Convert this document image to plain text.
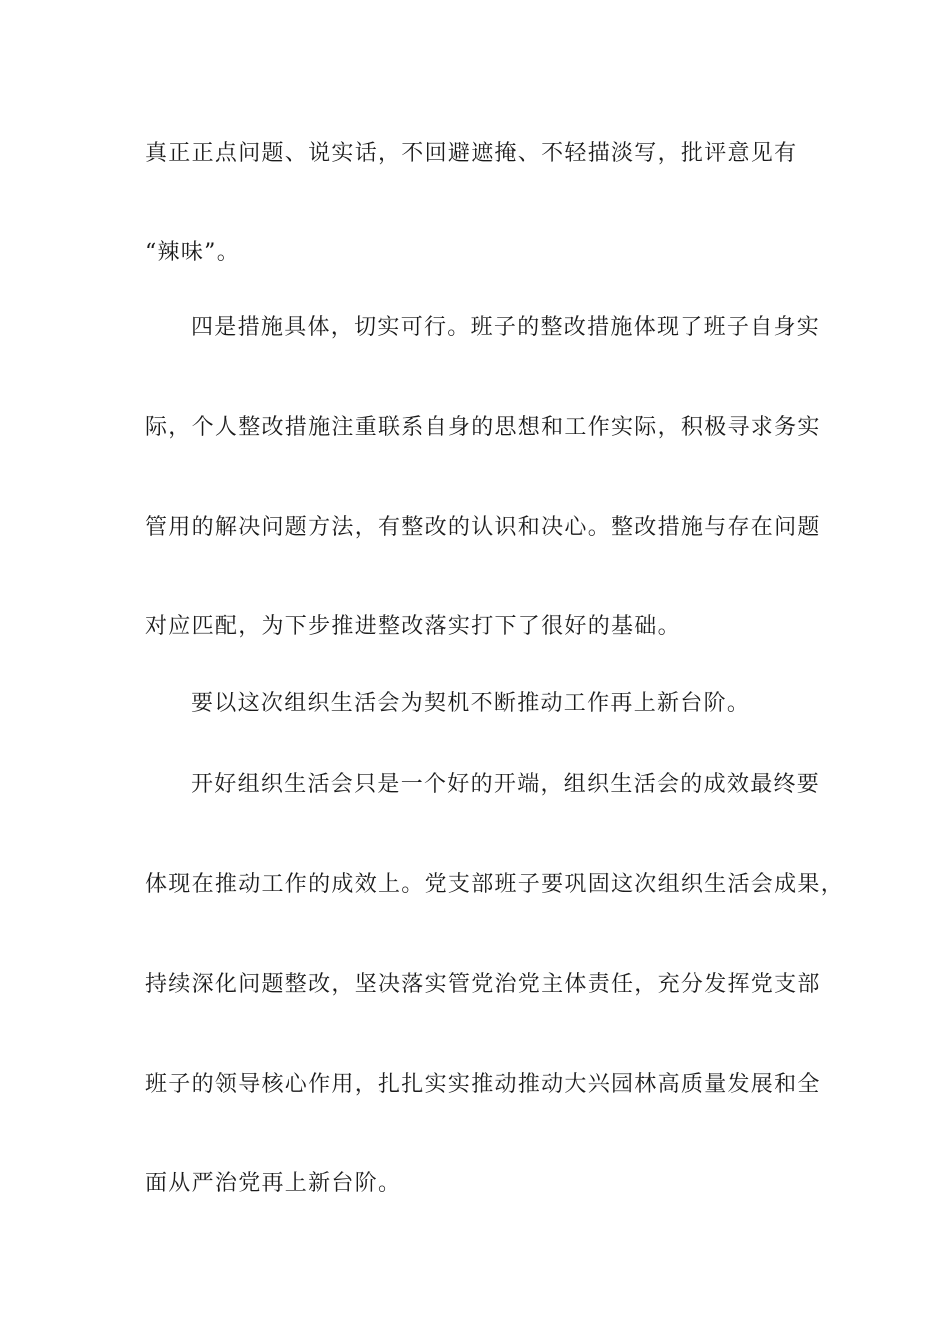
真正正点问题、说实话，不回避遮掩、不轻描淡写，批评意见有
“辣味”。
四是措施具体，切实可行。班子的整改措施体现了班子自身实
际，个人整改措施注重联系自身的思想和工作实际，积极寻求务实
管用的解决问题方法，有整改的认识和决心。整改措施与存在问题
对应匹配，为下步推进整改落实打下了很好的基础。
要以这次组织生活会为契机不断推动工作再上新台阶。
开好组织生活会只是一个好的开端，组织生活会的成效最终要
体现在推动工作的成效上。党支部班子要巩固这次组织生活会成果，
持续深化问题整改，坚决落实管党治党主体责任，充分发挥党支部
班子的领导核心作用，扎扎实实推动推动大兴园林高质量发展和全
面从严治党再上新台阶。
